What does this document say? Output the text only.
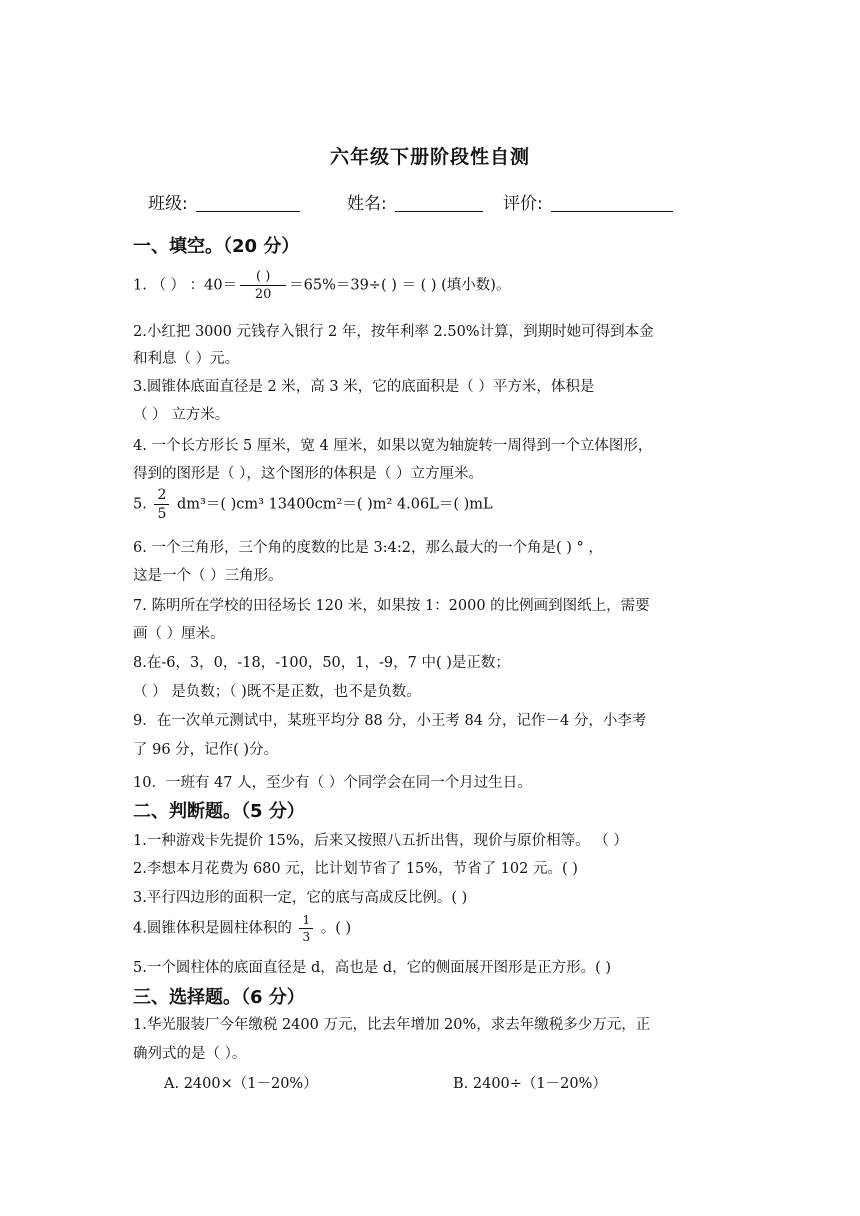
六年级下册阶段性自测
班级:	姓名:	评价:
一、填空。（20 分）
1. （ ） ：$40= \frac{( )}{20} =65\%=39\div$( ) ＝ ( ) (填小数)。
2.小红把 3000 元钱存入银行 2 年，按年利率 2.50%计算，到期时她可得到本金
和利息（ ）元。
3.圆锥体底面直径是 2 米，高 3 米，它的底面积是（ ）平方米，体积是
（ ） 立方米。
4. 一个长方形长 5 厘米，宽 4 厘米，如果以宽为轴旋转一周得到一个立体图形，
得到的图形是（ ），这个图形的体积是（ ）立方厘米。
5. $\frac{2}{5} dm^3=$( )cm³ 13400cm²＝( )m² 4.06L＝( )mL
6. 一个三角形，三个角的度数的比是 3:4:2，那么最大的一个角是( ) ° ，
这是一个（ ）三角形。
7. 陈明所在学校的田径场长 120 米，如果按 1：2000 的比例画到图纸上，需要
画（ ）厘米。
8.在-6，3，0，-18，-100，50，1，-9，7 中( )是正数；
（ ） 是负数；（ )既不是正数，也不是负数。
9．在一次单元测试中，某班平均分 88 分，小王考 84 分，记作－4 分，小李考
了 96 分，记作( )分。
10．一班有 47 人，至少有（ ）个同学会在同一个月过生日。
二、判断题。（5 分）
1.一种游戏卡先提价 15%，后来又按照八五折出售，现价与原价相等。 （ ）
2.李想本月花费为 680 元，比计划节省了 15%，节省了 102 元。( )
3.平行四边形的面积一定，它的底与高成反比例。( )
4.圆锥体积是圆柱体积的 $\frac{1}{3}$ 。( )
5.一个圆柱体的底面直径是 d，高也是 d，它的侧面展开图形是正方形。( )
三、选择题。（6 分）
1.华光服装厂今年缴税 2400 万元，比去年增加 20%，求去年缴税多少万元，正
确列式的是（ ）。
A. 2400×（1－20%）	B. 2400÷（1－20%）
